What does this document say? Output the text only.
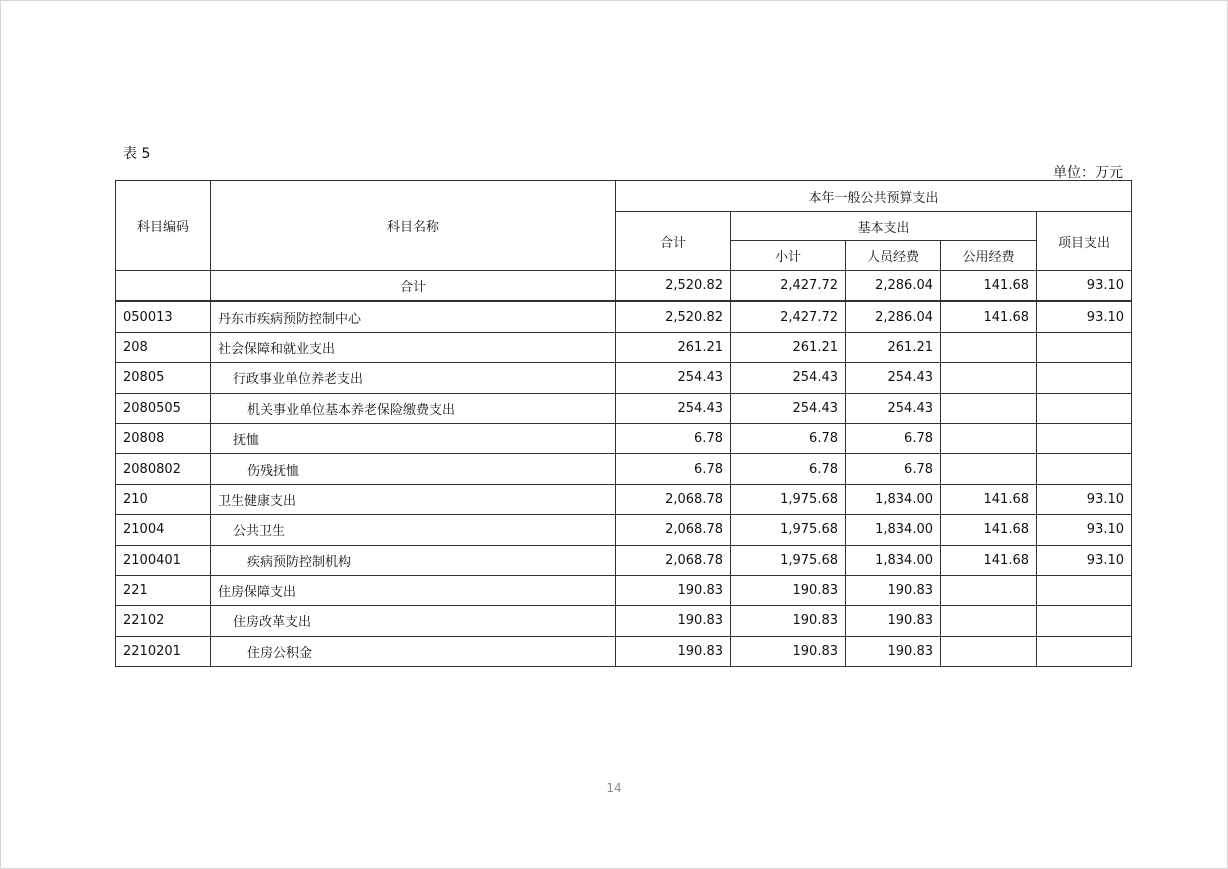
表 5
单位：万元
科目编码	科目名称	本年一般公共预算支出				
		合计	基本支出			项目支出
			小计	人员经费	公用经费	
	合计	2,520.82	2,427.72	2,286.04	141.68	93.10
050013	丹东市疾病预防控制中心	2,520.82	2,427.72	2,286.04	141.68	93.10
208	社会保障和就业支出	261.21	261.21	261.21		
20805	行政事业单位养老支出	254.43	254.43	254.43		
2080505	机关事业单位基本养老保险缴费支出	254.43	254.43	254.43		
20808	抚恤	6.78	6.78	6.78		
2080802	伤残抚恤	6.78	6.78	6.78		
210	卫生健康支出	2,068.78	1,975.68	1,834.00	141.68	93.10
21004	公共卫生	2,068.78	1,975.68	1,834.00	141.68	93.10
2100401	疾病预防控制机构	2,068.78	1,975.68	1,834.00	141.68	93.10
221	住房保障支出	190.83	190.83	190.83		
22102	住房改革支出	190.83	190.83	190.83		
2210201	住房公积金	190.83	190.83	190.83		
14
